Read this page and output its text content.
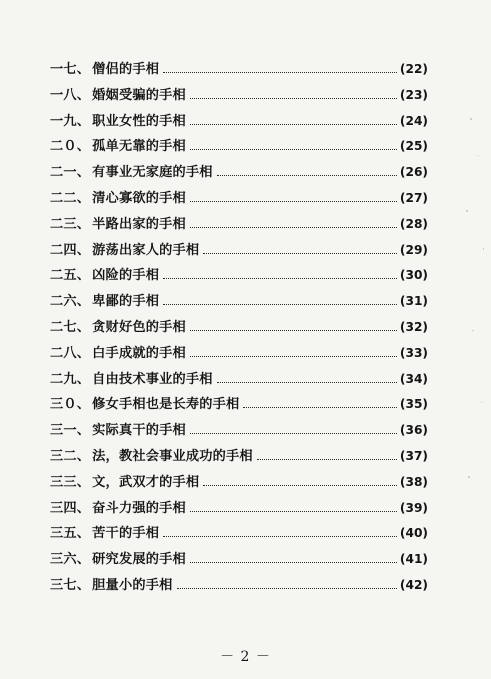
一七、 僧侣的手相	(22)
一八、 婚姻受骗的手相	(23)
一九、 职业女性的手相	(24)
二０、 孤单无靠的手相	(25)
二一、 有事业无家庭的手相	(26)
二二、 清心寡欲的手相	(27)
二三、 半路出家的手相	(28)
二四、 游荡出家人的手相	(29)
二五、 凶险的手相	(30)
二六、 卑鄙的手相	(31)
二七、 贪财好色的手相	(32)
二八、 白手成就的手相	(33)
二九、 自由技术事业的手相	(34)
三０、 修女手相也是长寿的手相	(35)
三一、 实际真干的手相	(36)
三二、 法，教社会事业成功的手相	(37)
三三、 文，武双才的手相	(38)
三四、 奋斗力强的手相	(39)
三五、 苦干的手相	(40)
三六、 研究发展的手相	(41)
三七、 胆量小的手相	(42)
－ 2 －
